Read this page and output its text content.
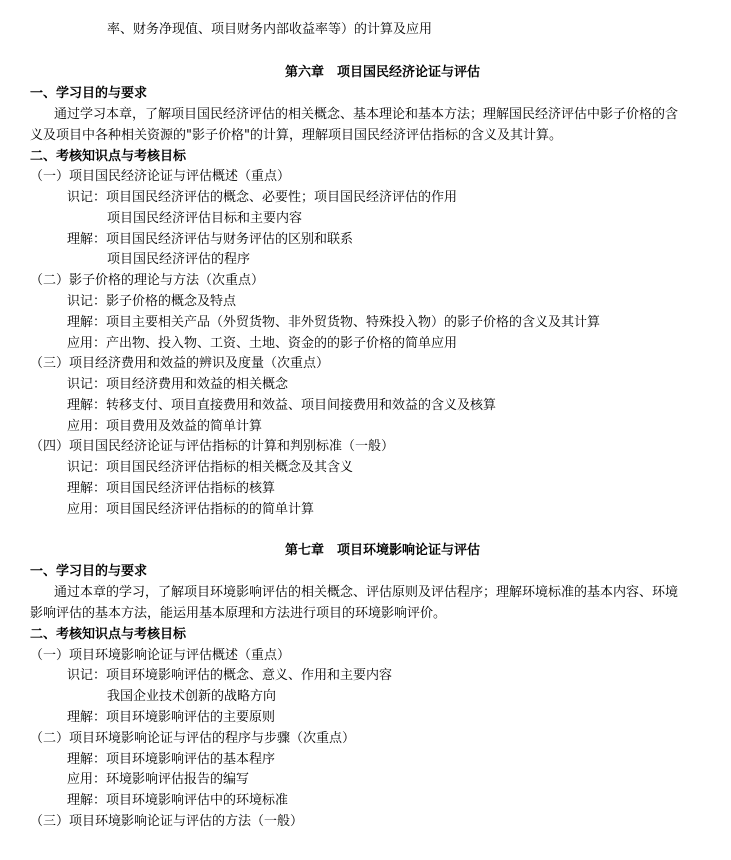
率、财务净现值、项目财务内部收益率等）的计算及应用
第六章　项目国民经济论证与评估
一、学习目的与要求
通过学习本章，了解项目国民经济评估的相关概念、基本理论和基本方法；理解国民经济评估中影子价格的含
义及项目中各种相关资源的"影子价格"的计算，理解项目国民经济评估指标的含义及其计算。
二、考核知识点与考核目标
（一）项目国民经济论证与评估概述（重点）
识记：项目国民经济评估的概念、必要性；项目国民经济评估的作用
项目国民经济评估目标和主要内容
理解：项目国民经济评估与财务评估的区别和联系
项目国民经济评估的程序
（二）影子价格的理论与方法（次重点）
识记：影子价格的概念及特点
理解：项目主要相关产品（外贸货物、非外贸货物、特殊投入物）的影子价格的含义及其计算
应用：产出物、投入物、工资、土地、资金的的影子价格的简单应用
（三）项目经济费用和效益的辨识及度量（次重点）
识记：项目经济费用和效益的相关概念
理解：转移支付、项目直接费用和效益、项目间接费用和效益的含义及核算
应用：项目费用及效益的简单计算
（四）项目国民经济论证与评估指标的计算和判别标准（一般）
识记：项目国民经济评估指标的相关概念及其含义
理解：项目国民经济评估指标的核算
应用：项目国民经济评估指标的的简单计算
第七章　项目环境影响论证与评估
一、学习目的与要求
通过本章的学习，了解项目环境影响评估的相关概念、评估原则及评估程序；理解环境标准的基本内容、环境
影响评估的基本方法，能运用基本原理和方法进行项目的环境影响评价。
二、考核知识点与考核目标
（一）项目环境影响论证与评估概述（重点）
识记：项目环境影响评估的概念、意义、作用和主要内容
我国企业技术创新的战略方向
理解：项目环境影响评估的主要原则
（二）项目环境影响论证与评估的程序与步骤（次重点）
理解：项目环境影响评估的基本程序
应用：环境影响评估报告的编写
理解：项目环境影响评估中的环境标准
（三）项目环境影响论证与评估的方法（一般）
